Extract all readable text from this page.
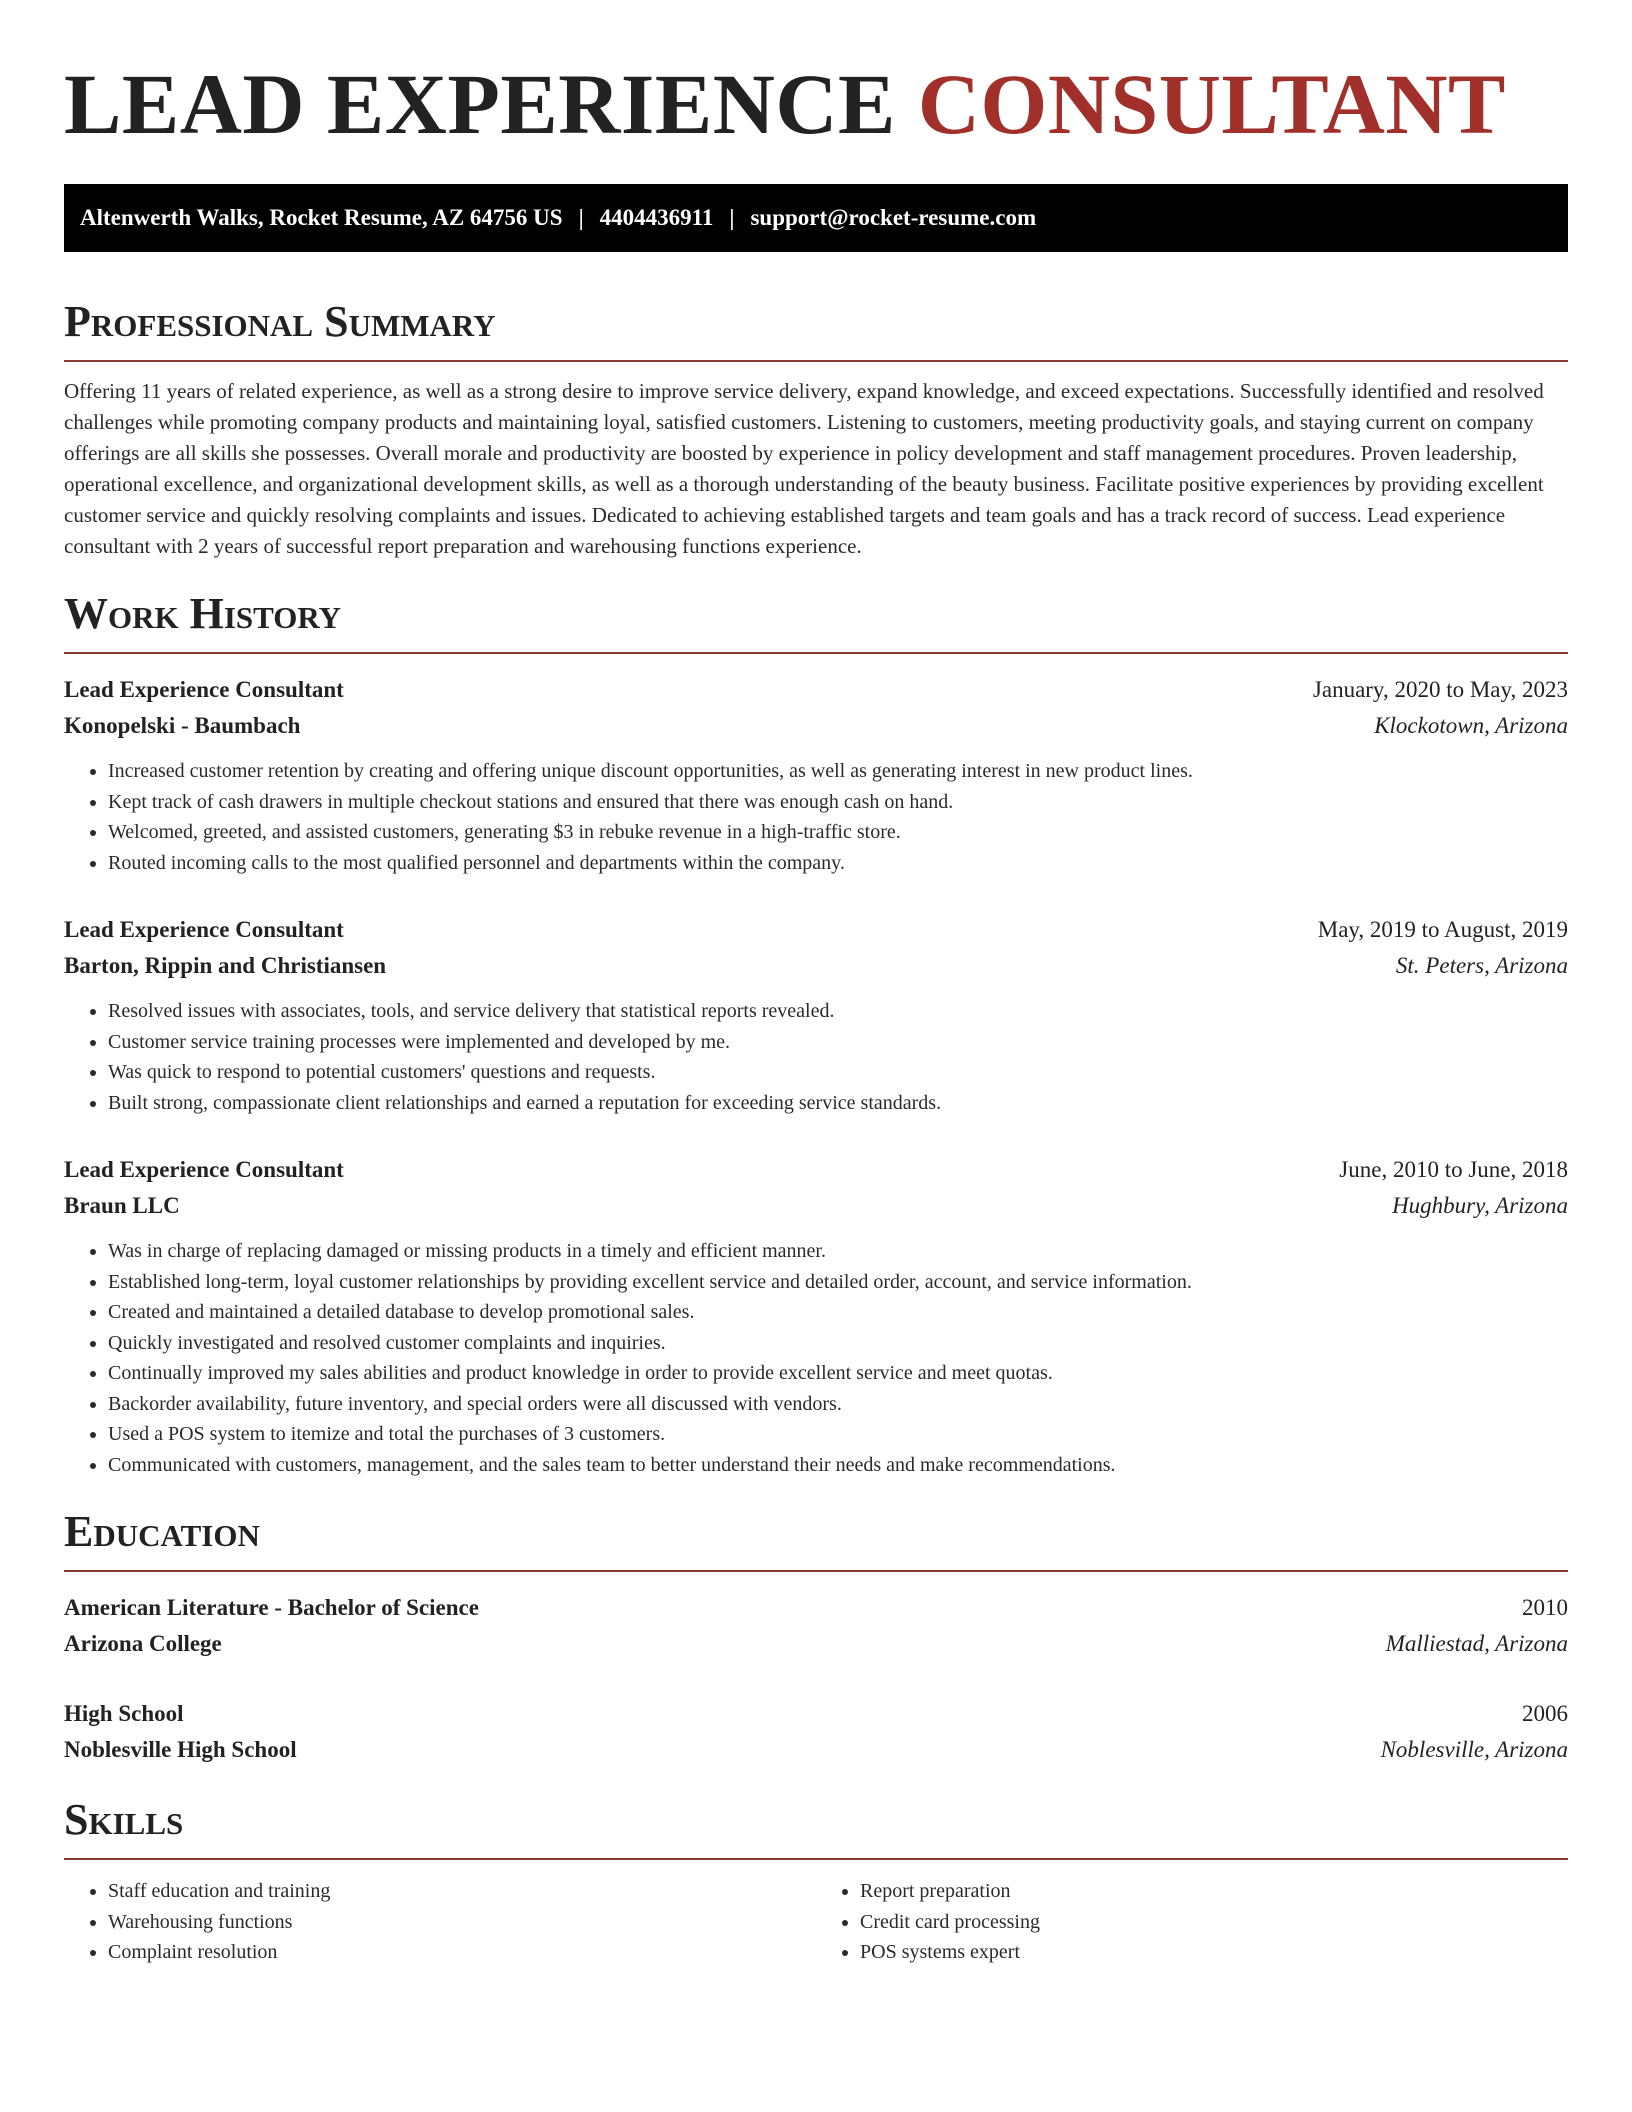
LEAD EXPERIENCE CONSULTANT
Altenwerth Walks, Rocket Resume, AZ 64756 US | 4404436911 | support@rocket-resume.com
Professional Summary

Offering 11 years of related experience, as well as a strong desire to improve service delivery, expand knowledge, and exceed expectations. Successfully identified and resolved challenges while promoting company products and maintaining loyal, satisfied customers. Listening to customers, meeting productivity goals, and staying current on company offerings are all skills she possesses. Overall morale and productivity are boosted by experience in policy development and staff management procedures. Proven leadership, operational excellence, and organizational development skills, as well as a thorough understanding of the beauty business. Facilitate positive experiences by providing excellent customer service and quickly resolving complaints and issues. Dedicated to achieving established targets and team goals and has a track record of success. Lead experience consultant with 2 years of successful report preparation and warehousing functions experience.

Work History
Lead Experience Consultant	January, 2020 to May, 2023
Konopelski - Baumbach	Klockotown, Arizona
• Increased customer retention by creating and offering unique discount opportunities, as well as generating interest in new product lines.
• Kept track of cash drawers in multiple checkout stations and ensured that there was enough cash on hand.
• Welcomed, greeted, and assisted customers, generating $3 in rebuke revenue in a high-traffic store.
• Routed incoming calls to the most qualified personnel and departments within the company.
Lead Experience Consultant	May, 2019 to August, 2019
Barton, Rippin and Christiansen	St. Peters, Arizona
• Resolved issues with associates, tools, and service delivery that statistical reports revealed.
• Customer service training processes were implemented and developed by me.
• Was quick to respond to potential customers' questions and requests.
• Built strong, compassionate client relationships and earned a reputation for exceeding service standards.
Lead Experience Consultant	June, 2010 to June, 2018
Braun LLC	Hughbury, Arizona
• Was in charge of replacing damaged or missing products in a timely and efficient manner.
• Established long-term, loyal customer relationships by providing excellent service and detailed order, account, and service information.
• Created and maintained a detailed database to develop promotional sales.
• Quickly investigated and resolved customer complaints and inquiries.
• Continually improved my sales abilities and product knowledge in order to provide excellent service and meet quotas.
• Backorder availability, future inventory, and special orders were all discussed with vendors.
• Used a POS system to itemize and total the purchases of 3 customers.
• Communicated with customers, management, and the sales team to better understand their needs and make recommendations.
Education
American Literature - Bachelor of Science	2010
Arizona College	Malliestad, Arizona
High School	2006
Noblesville High School	Noblesville, Arizona
Skills
• Staff education and training
• Warehousing functions
• Complaint resolution
• Report preparation
• Credit card processing
• POS systems expert
